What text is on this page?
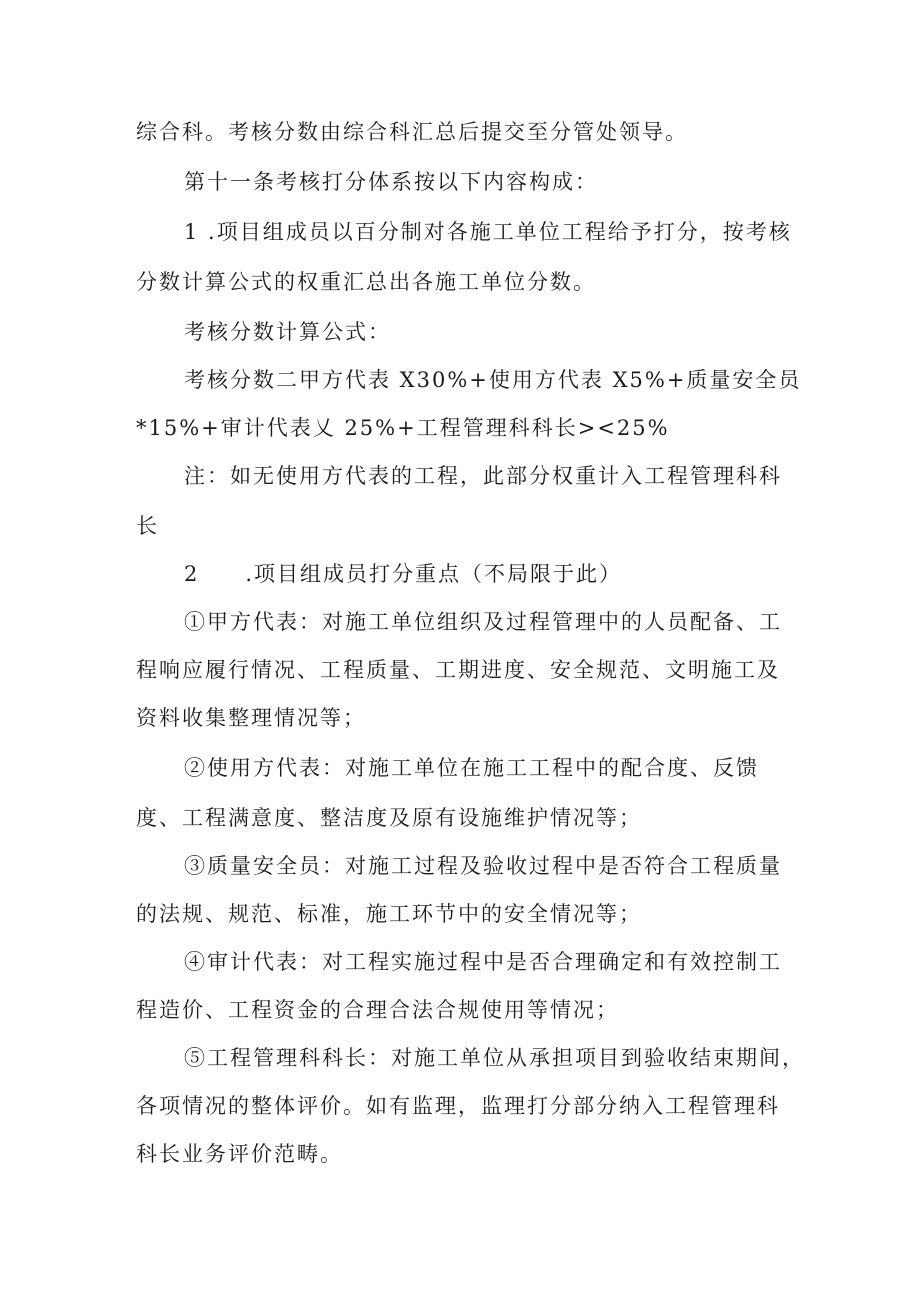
综合科。考核分数由综合科汇总后提交至分管处领导。
第十一条考核打分体系按以下内容构成：
1 .项目组成员以百分制对各施工单位工程给予打分，按考核
分数计算公式的权重汇总出各施工单位分数。
考核分数计算公式：
考核分数二甲方代表 X30%+使用方代表 X5%+质量安全员
*15%+审计代表乂 25%+工程管理科科长><25%
注：如无使用方代表的工程，此部分权重计入工程管理科科
长
2　　.项目组成员打分重点（不局限于此）
①甲方代表：对施工单位组织及过程管理中的人员配备、工
程响应履行情况、工程质量、工期进度、安全规范、文明施工及
资料收集整理情况等；
②使用方代表：对施工单位在施工工程中的配合度、反馈
度、工程满意度、整洁度及原有设施维护情况等；
③质量安全员：对施工过程及验收过程中是否符合工程质量
的法规、规范、标准，施工环节中的安全情况等；
④审计代表：对工程实施过程中是否合理确定和有效控制工
程造价、工程资金的合理合法合规使用等情况；
⑤工程管理科科长：对施工单位从承担项目到验收结束期间，
各项情况的整体评价。如有监理，监理打分部分纳入工程管理科
科长业务评价范畴。
